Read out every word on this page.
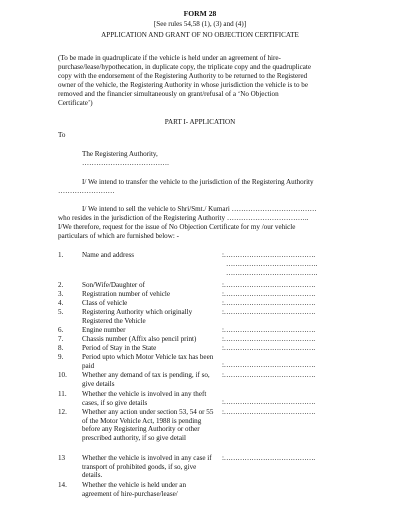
FORM 28
[See rules 54,58 (1), (3) and (4)]
APPLICATION AND GRANT OF NO OBJECTION CERTIFICATE
(To be made in quadruplicate if the vehicle is held under an agreement of hire-
purchase/lease/hypothecation, in duplicate copy, the triplicate copy and the quadruplicate
copy with the endorsement of the Registering Authority to be returned to the Registered
owner of the vehicle, the Registering Authority in whose jurisdiction the vehicle is to be
removed and the financier simultaneously on grant/refusal of a ‘No Objection
Certificate’)
PART I- APPLICATION
To
The Registering Authority,
……………………………….
I/ We intend to transfer the vehicle to the jurisdiction of the Registering Authority
……………………
I/ We intend to sell the vehicle to Shri/Smt./ Kumari ………………………………
who resides in the jurisdiction of the Registering Authority ……………………………..
I/We therefore, request for the issue of No Objection Certificate for my /our vehicle
particulars of which are furnished below: -
1.	Name and address	:………………………………….
………………………………….
………………………………….
2.	Son/Wife/Daughter of	:………………………………….
3.	Registration number of vehicle	:………………………………….
4.	Class of vehicle	:………………………………….
5.	Registering Authority which originally Registered the Vehicle
:………………………………….
6.	Engine number	:………………………………….
7.	Chassis number (Affix also pencil print)	:………………………………….
8.	Period of Stay in the State	:………………………………….
9.	Period upto which Motor Vehicle tax has been paid	:………………………………….
10. Whether any demand of tax is pending, if so, give details
:………………………………….
11. Whether the vehicle is involved in any theft cases, if so give details	:………………………………….
12. Whether any action under section 53, 54 or 55 of the Motor Vehicle Act, 1988 is pending before any Registering Authority or other prescribed authority, if so give detail
:………………………………….
13 Whether the vehicle is involved in any case if transport of prohibited goods, if so, give details.
:………………………………….
14. Whether the vehicle is held under an agreement of hire-purchase/lease/
